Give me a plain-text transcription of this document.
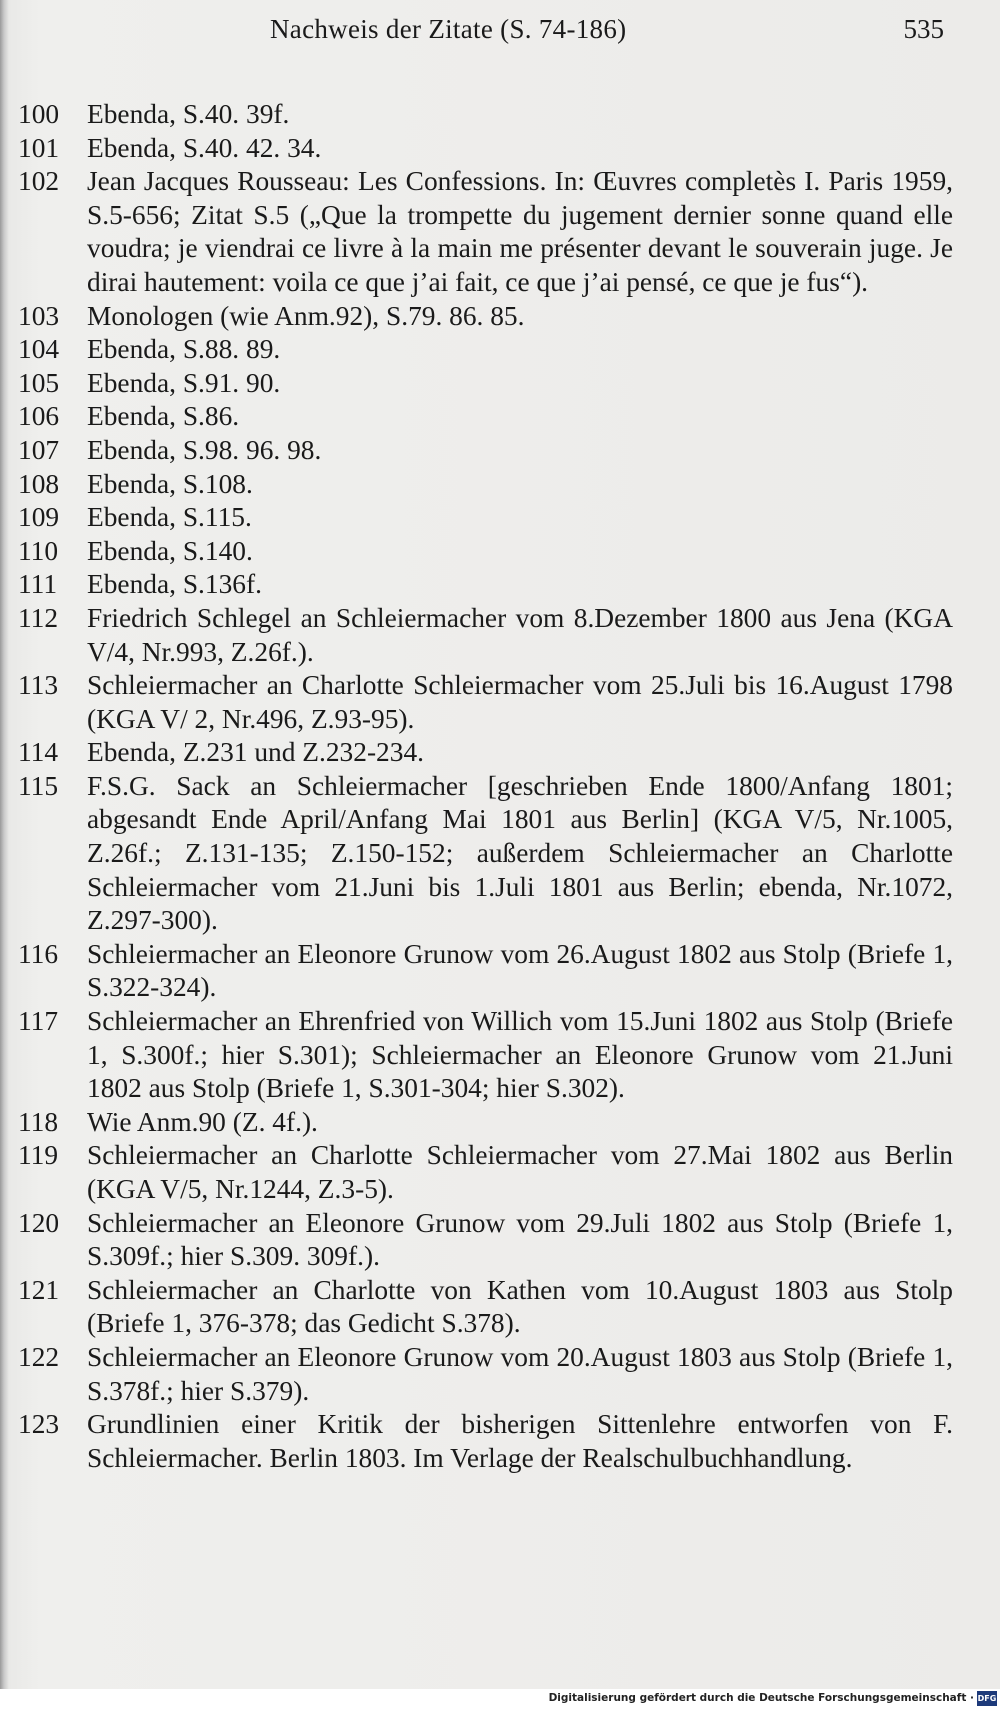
Nachweis der Zitate (S. 74-186)	535
100	Ebenda, S.40. 39f.
101	Ebenda, S.40. 42. 34.
102	Jean Jacques Rousseau: Les Confessions. In: Œuvres completès I. Paris 1959, S.5-656; Zitat S.5 („Que la trompette du jugement dernier sonne quand elle voudra; je viendrai ce livre à la main me présenter devant le souverain juge. Je dirai hautement: voila ce que j’ai fait, ce que j’ai pensé, ce que je fus“).
103	Monologen (wie Anm.92), S.79. 86. 85.
104	Ebenda, S.88. 89.
105	Ebenda, S.91. 90.
106	Ebenda, S.86.
107	Ebenda, S.98. 96. 98.
108	Ebenda, S.108.
109	Ebenda, S.115.
110	Ebenda, S.140.
111	Ebenda, S.136f.
112	Friedrich Schlegel an Schleiermacher vom 8.Dezember 1800 aus Jena (KGA V/4, Nr.993, Z.26f.).
113	Schleiermacher an Charlotte Schleiermacher vom 25.Juli bis 16.August 1798 (KGA V/ 2, Nr.496, Z.93-95).
114	Ebenda, Z.231 und Z.232-234.
115	F.S.G. Sack an Schleiermacher [geschrieben Ende 1800/Anfang 1801; abgesandt Ende April/Anfang Mai 1801 aus Berlin] (KGA V/5, Nr.1005, Z.26f.; Z.131-135; Z.150-152; außerdem Schleiermacher an Charlotte Schleiermacher vom 21.Juni bis 1.Juli 1801 aus Berlin; ebenda, Nr.1072, Z.297-300).
116	Schleiermacher an Eleonore Grunow vom 26.August 1802 aus Stolp (Briefe 1, S.322-324).
117	Schleiermacher an Ehrenfried von Willich vom 15.Juni 1802 aus Stolp (Briefe 1, S.300f.; hier S.301); Schleiermacher an Eleonore Grunow vom 21.Juni 1802 aus Stolp (Briefe 1, S.301-304; hier S.302).
118	Wie Anm.90 (Z. 4f.).
119	Schleiermacher an Charlotte Schleiermacher vom 27.Mai 1802 aus Berlin (KGA V/5, Nr.1244, Z.3-5).
120	Schleiermacher an Eleonore Grunow vom 29.Juli 1802 aus Stolp (Briefe 1, S.309f.; hier S.309. 309f.).
121	Schleiermacher an Charlotte von Kathen vom 10.August 1803 aus Stolp (Briefe 1, 376-378; das Gedicht S.378).
122	Schleiermacher an Eleonore Grunow vom 20.August 1803 aus Stolp (Briefe 1, S.378f.; hier S.379).
123	Grundlinien einer Kritik der bisherigen Sittenlehre entworfen von F. Schleiermacher. Berlin 1803. Im Verlage der Realschulbuchhandlung.
Digitalisierung gefördert durch die Deutsche Forschungsgemeinschaft · DFG
